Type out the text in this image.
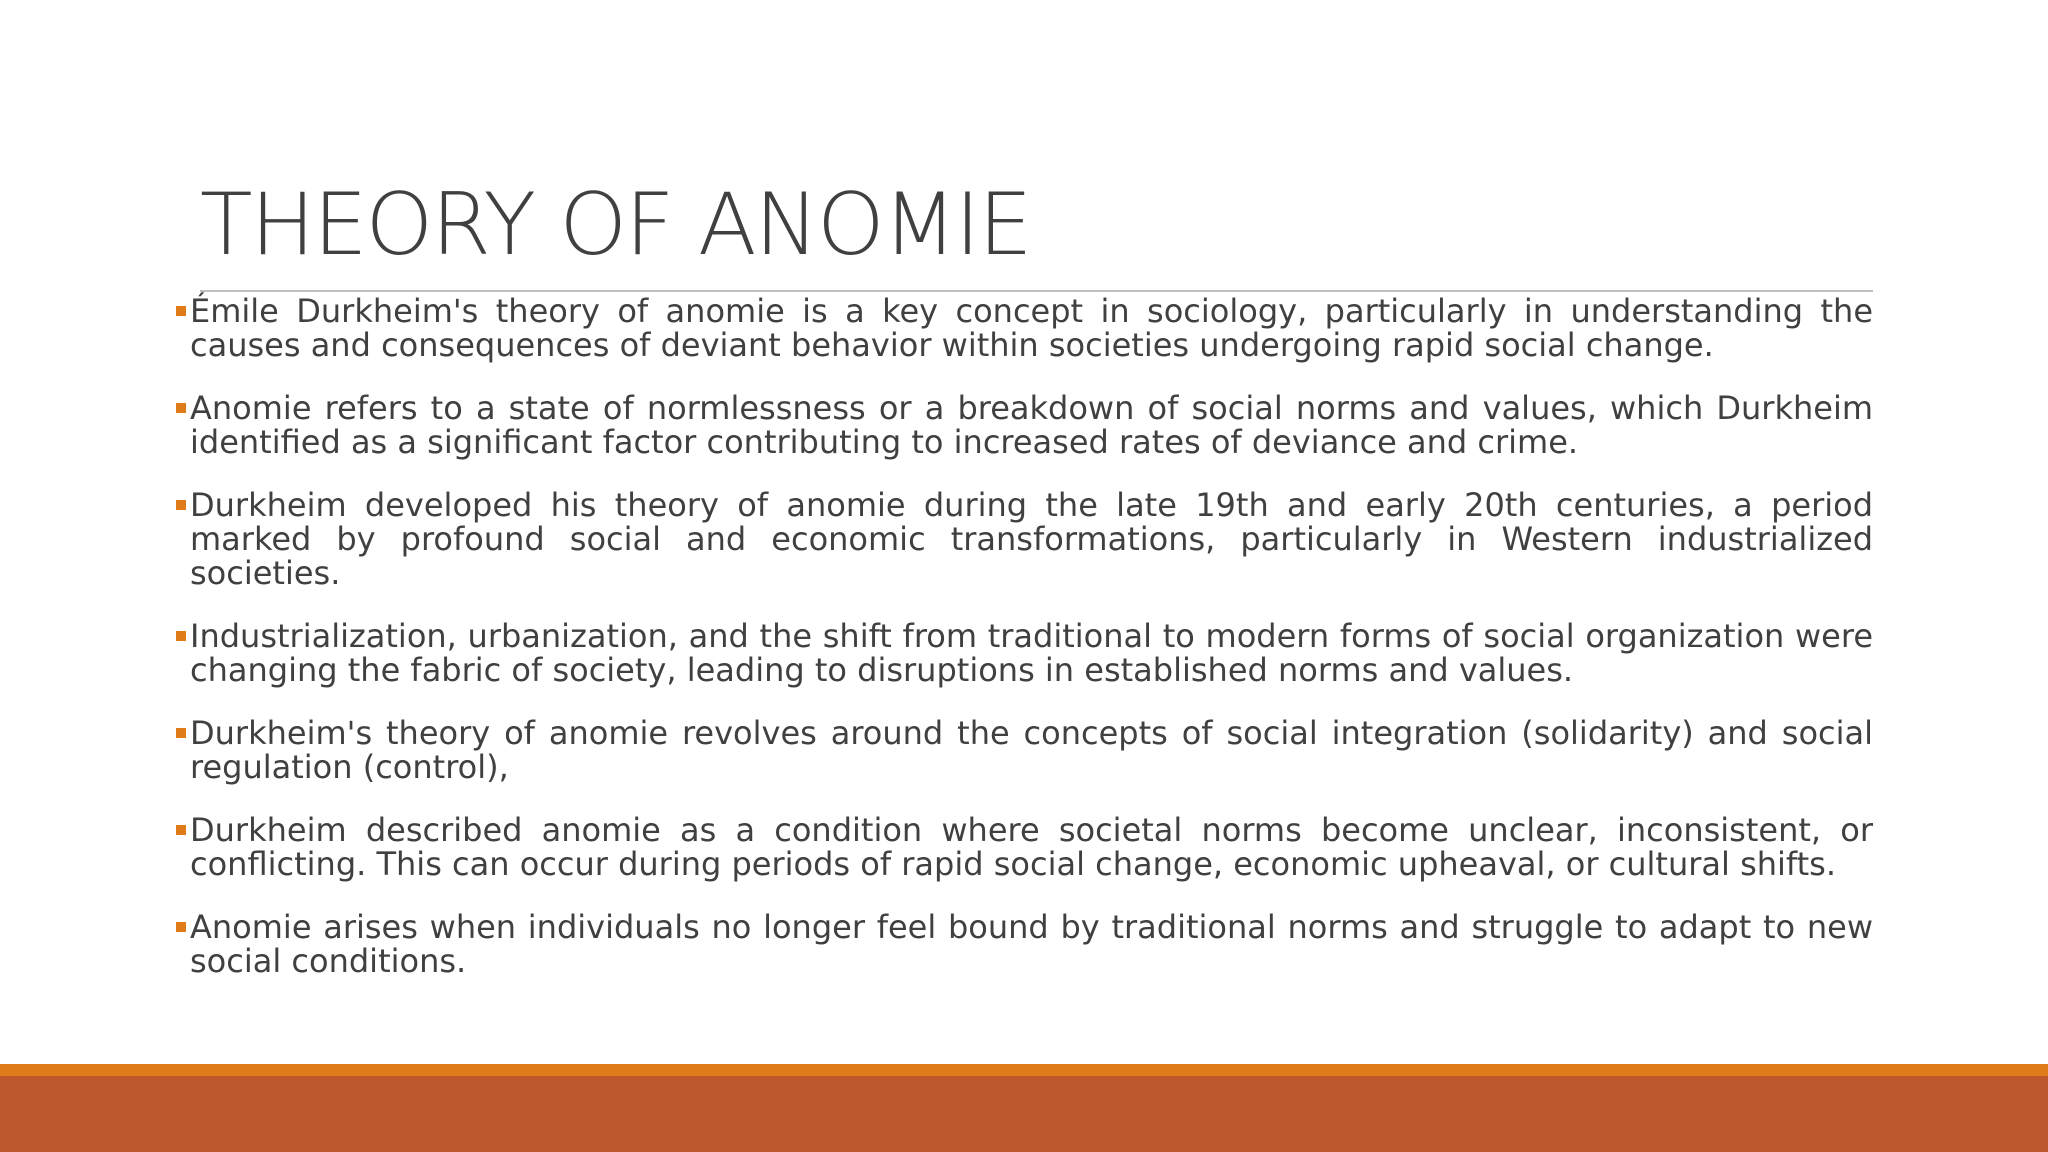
THEORY OF ANOMIE
Émile Durkheim's theory of anomie is a key concept in sociology, particularly in understanding the causes and consequences of deviant behavior within societies undergoing rapid social change.
Anomie refers to a state of normlessness or a breakdown of social norms and values, which Durkheim identified as a significant factor contributing to increased rates of deviance and crime.
Durkheim developed his theory of anomie during the late 19th and early 20th centuries, a period marked by profound social and economic transformations, particularly in Western industrialized societies.
Industrialization, urbanization, and the shift from traditional to modern forms of social organization were changing the fabric of society, leading to disruptions in established norms and values.
Durkheim's theory of anomie revolves around the concepts of social integration (solidarity) and social regulation (control),
Durkheim described anomie as a condition where societal norms become unclear, inconsistent, or conflicting. This can occur during periods of rapid social change, economic upheaval, or cultural shifts.
Anomie arises when individuals no longer feel bound by traditional norms and struggle to adapt to new social conditions.
